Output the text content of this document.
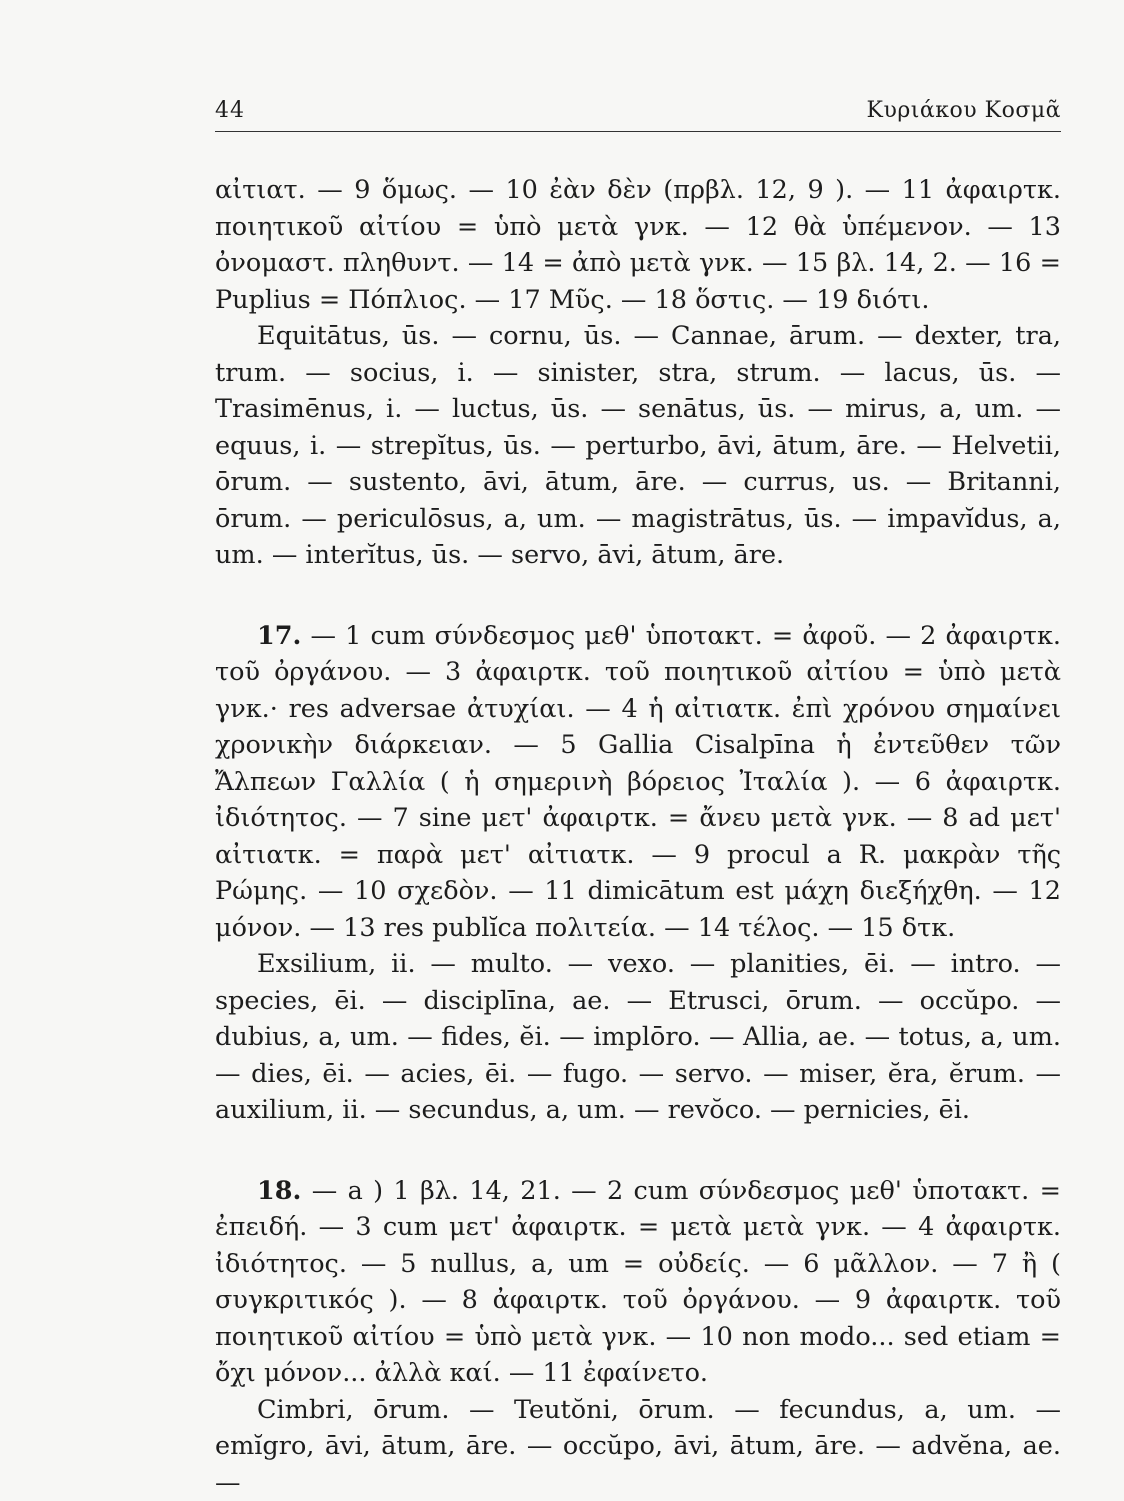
44	Κυριάκου Κοσμᾶ

αἰτιατ. — 9 ὅμως. — 10 ἐὰν δὲν (πρβλ. 12, 9 ). — 11 ἀφαιρτκ. ποιητικοῦ αἰτίου = ὑπὸ μετὰ γνκ. — 12 θὰ ὑπέμενον. — 13 ὀνομαστ. πληθυντ. — 14 = ἀπὸ μετὰ γνκ. — 15 βλ. 14, 2. — 16 = Puplius = Πόπλιος. — 17 Μῦς. — 18 ὅστις. — 19 διότι.

Equitātus, ūs. — cornu, ūs. — Cannae, ārum. — dexter, tra, trum. — socius, i. — sinister, stra, strum. — lacus, ūs. — Trasimēnus, i. — luctus, ūs. — senātus, ūs. — mirus, a, um. — equus, i. — strepĭtus, ūs. — perturbo, āvi, ātum, āre. — Helvetii, ōrum. — sustento, āvi, ātum, āre. — currus, us. — Britanni, ōrum. — periculōsus, a, um. — magistrātus, ūs. — impavĭdus, a, um. — interĭtus, ūs. — servo, āvi, ātum, āre.

17. — 1 cum σύνδεσμος μεθ' ὑποτακτ. = ἀφοῦ. — 2 ἀφαιρτκ. τοῦ ὀργάνου. — 3 ἀφαιρτκ. τοῦ ποιητικοῦ αἰτίου = ὑπὸ μετὰ γνκ.· res adversae ἀτυχίαι. — 4 ἡ αἰτιατκ. ἐπὶ χρόνου σημαίνει χρονικὴν διάρκειαν. — 5 Gallia Cisalpīna ἡ ἐντεῦθεν τῶν Ἄλπεων Γαλλία ( ἡ σημερινὴ βόρειος Ἰταλία ). — 6 ἀφαιρτκ. ἰδιότητος. — 7 sine μετ' ἀφαιρτκ. = ἄνευ μετὰ γνκ. — 8 ad μετ' αἰτιατκ. = παρὰ μετ' αἰτιατκ. — 9 procul a R. μακρὰν τῆς Ρώμης. — 10 σχεδὸν. — 11 dimicātum est μάχη διεξήχθη. — 12 μόνον. — 13 res publĭca πολιτεία. — 14 τέλος. — 15 δτκ.

Exsilium, ii. — multo. — vexo. — planities, ēi. — intro. — species, ēi. — disciplīna, ae. — Etrusci, ōrum. — occŭpo. — dubius, a, um. — fides, ĕi. — implōro. — Allia, ae. — totus, a, um. — dies, ēi. — acies, ēi. — fugo. — servo. — miser, ĕra, ĕrum. — auxilium, ii. — secundus, a, um. — revŏco. — pernicies, ēi.

18. — a ) 1 βλ. 14, 21. — 2 cum σύνδεσμος μεθ' ὑποτακτ. = ἐπειδή. — 3 cum μετ' ἀφαιρτκ. = μετὰ μετὰ γνκ. — 4 ἀφαιρτκ. ἰδιότητος. — 5 nullus, a, um = οὐδείς. — 6 μᾶλλον. — 7 ἢ ( συγκριτικός ). — 8 ἀφαιρτκ. τοῦ ὀργάνου. — 9 ἀφαιρτκ. τοῦ ποιητικοῦ αἰτίου = ὑπὸ μετὰ γνκ. — 10 non modo... sed etiam = ὄχι μόνον... ἀλλὰ καί. — 11 ἐφαίνετο.

Cimbri, ōrum. — Teutŏni, ōrum. — fecundus, a, um. — emĭgro, āvi, ātum, āre. — occŭpo, āvi, ātum, āre. — advĕna, ae. —
